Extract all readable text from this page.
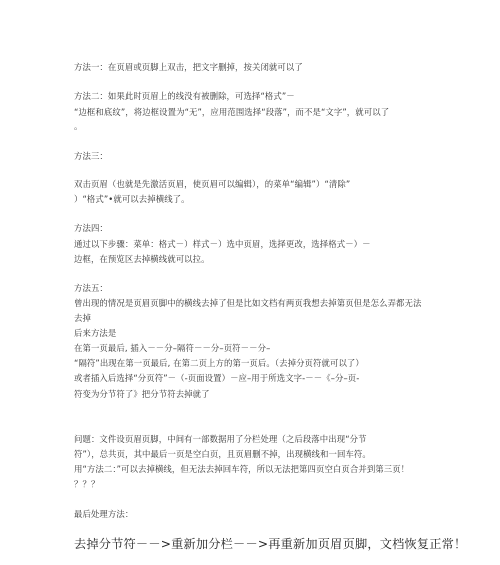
方法一：在页眉或页脚上双击，把文字删掉，按关闭就可以了
方法二：如果此时页眉上的线没有被删除，可选择“格式”－
“边框和底纹”，将边框设置为“无”，应用范围选择“段落”，而不是“文字”，就可以了
。
方法三：
双击页眉（也就是先激活页眉，使页眉可以编辑），的菜单“编辑”）“清除”
）“格式”•就可以去掉横线了。
方法四：
通过以下步骤：菜单：格式－）样式－）选中页眉，选择更改，选择格式－）－
边框，在预览区去掉横线就可以拉。
方法五：
曾出现的情况是页眉页脚中的横线去掉了但是比如文档有两页我想去掉第页但是怎么弄都无法
去掉
后来方法是
在第一页最后, 插入－－分–隔符－－分–页符－－分–
“隔符”出现在第一页最后, 在第二页上方的第一页后。（去掉分页符就可以了）
或者插入后选择“分页符”－（-页面设置）－应–用于所选文字-－－《–分–页-
符变为分节符了》把分节符去掉就了
问题：文件设页眉页脚，中间有一部数据用了分栏处理（之后段落中出现“分节
符”），总共页，其中最后一页是空白页，且页眉删不掉，出现横线和一回车符。
用“方法二：”可以去掉横线，但无法去掉回车符，所以无法把第四页空白页合并到第三页！
？？？
最后处理方法：
去掉分节符－－>重新加分栏－－>再重新加页眉页脚，文档恢复正常！
